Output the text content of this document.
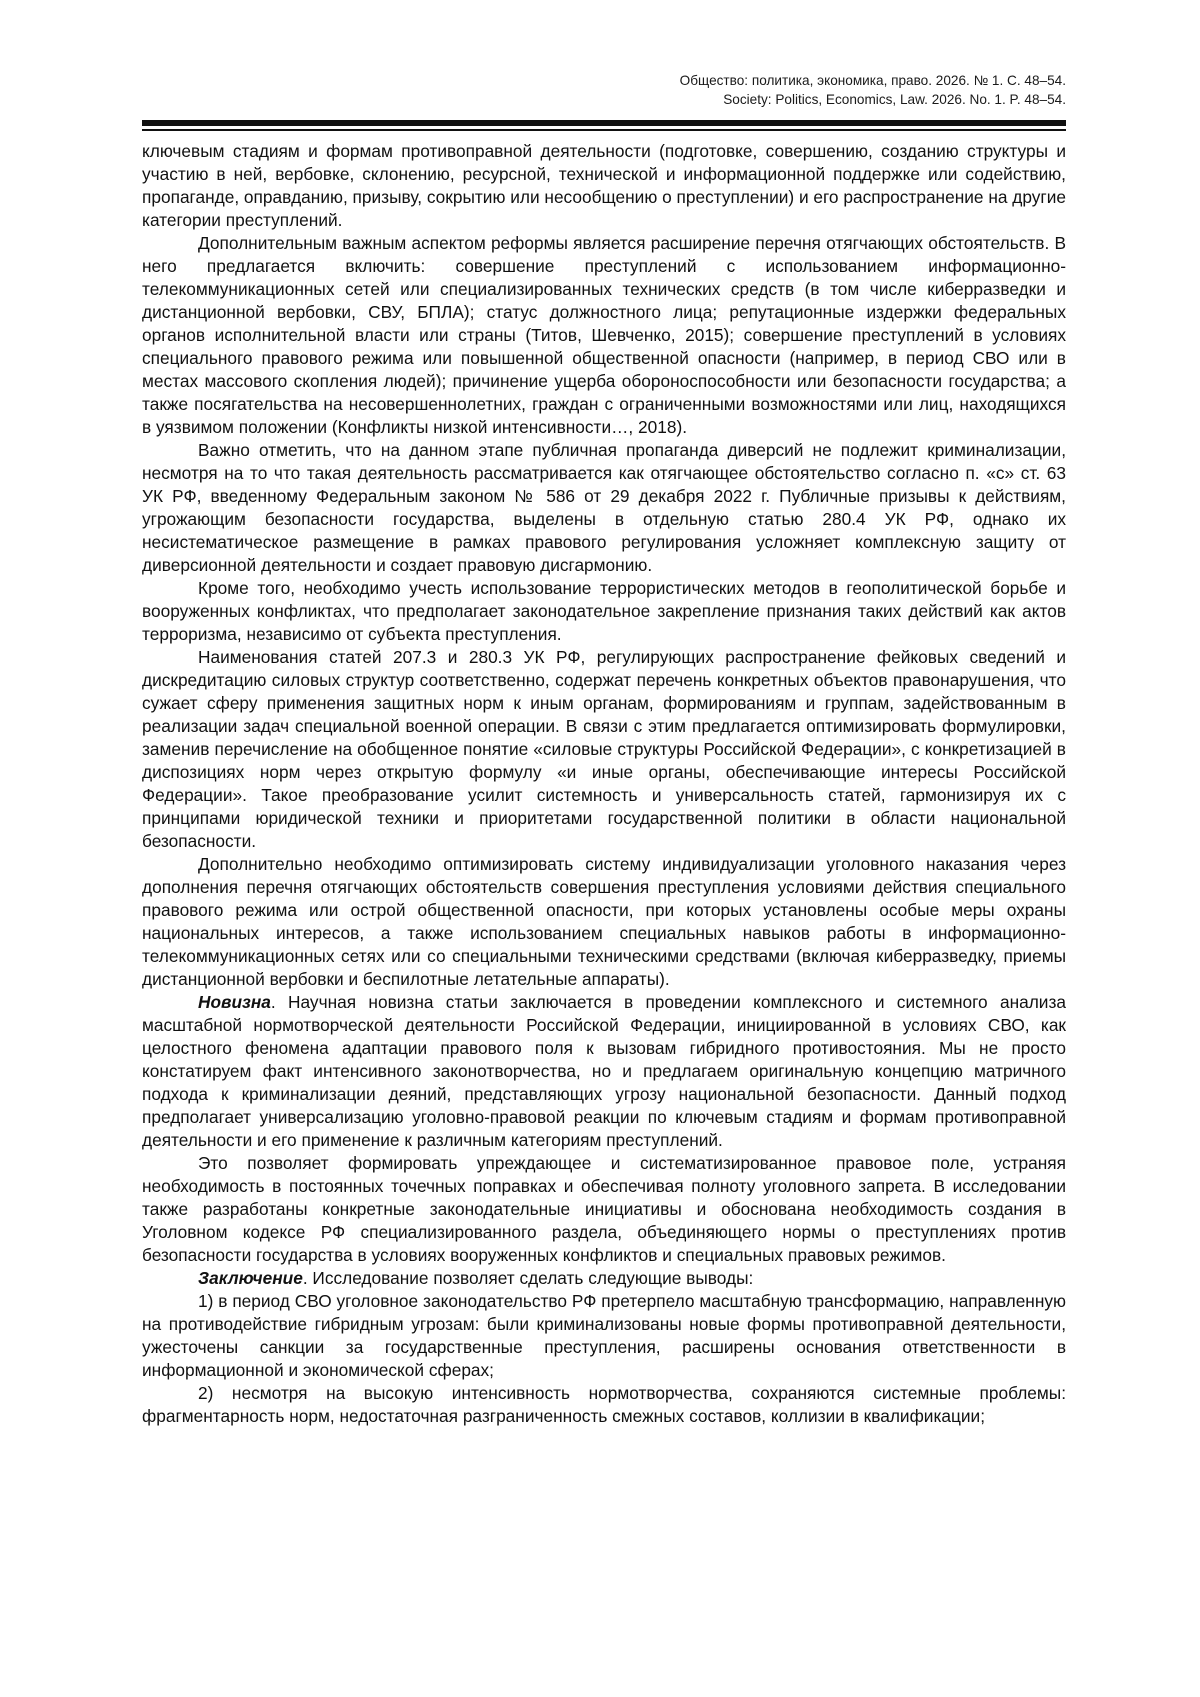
Общество: политика, экономика, право. 2026. № 1. С. 48–54.
Society: Politics, Economics, Law. 2026. No. 1. P. 48–54.

ключевым стадиям и формам противоправной деятельности (подготовке, совершению, созданию структуры и участию в ней, вербовке, склонению, ресурсной, технической и информационной поддержке или содействию, пропаганде, оправданию, призыву, сокрытию или несообщению о преступлении) и его распространение на другие категории преступлений.

Дополнительным важным аспектом реформы является расширение перечня отягчающих обстоятельств. В него предлагается включить: совершение преступлений с использованием информационно-телекоммуникационных сетей или специализированных технических средств (в том числе киберразведки и дистанционной вербовки, СВУ, БПЛА); статус должностного лица; репутационные издержки федеральных органов исполнительной власти или страны (Титов, Шевченко, 2015); совершение преступлений в условиях специального правового режима или повышенной общественной опасности (например, в период СВО или в местах массового скопления людей); причинение ущерба обороноспособности или безопасности государства; а также посягательства на несовершеннолетних, граждан с ограниченными возможностями или лиц, находящихся в уязвимом положении (Конфликты низкой интенсивности…, 2018).

Важно отметить, что на данном этапе публичная пропаганда диверсий не подлежит криминализации, несмотря на то что такая деятельность рассматривается как отягчающее обстоятельство согласно п. «с» ст. 63 УК РФ, введенному Федеральным законом № 586 от 29 декабря 2022 г. Публичные призывы к действиям, угрожающим безопасности государства, выделены в отдельную статью 280.4 УК РФ, однако их несистематическое размещение в рамках правового регулирования усложняет комплексную защиту от диверсионной деятельности и создает правовую дисгармонию.

Кроме того, необходимо учесть использование террористических методов в геополитической борьбе и вооруженных конфликтах, что предполагает законодательное закрепление признания таких действий как актов терроризма, независимо от субъекта преступления.

Наименования статей 207.3 и 280.3 УК РФ, регулирующих распространение фейковых сведений и дискредитацию силовых структур соответственно, содержат перечень конкретных объектов правонарушения, что сужает сферу применения защитных норм к иным органам, формированиям и группам, задействованным в реализации задач специальной военной операции. В связи с этим предлагается оптимизировать формулировки, заменив перечисление на обобщенное понятие «силовые структуры Российской Федерации», с конкретизацией в диспозициях норм через открытую формулу «и иные органы, обеспечивающие интересы Российской Федерации». Такое преобразование усилит системность и универсальность статей, гармонизируя их с принципами юридической техники и приоритетами государственной политики в области национальной безопасности.

Дополнительно необходимо оптимизировать систему индивидуализации уголовного наказания через дополнения перечня отягчающих обстоятельств совершения преступления условиями действия специального правового режима или острой общественной опасности, при которых установлены особые меры охраны национальных интересов, а также использованием специальных навыков работы в информационно-телекоммуникационных сетях или со специальными техническими средствами (включая киберразведку, приемы дистанционной вербовки и беспилотные летательные аппараты).

Новизна. Научная новизна статьи заключается в проведении комплексного и системного анализа масштабной нормотворческой деятельности Российской Федерации, инициированной в условиях СВО, как целостного феномена адаптации правового поля к вызовам гибридного противостояния. Мы не просто констатируем факт интенсивного законотворчества, но и предлагаем оригинальную концепцию матричного подхода к криминализации деяний, представляющих угрозу национальной безопасности. Данный подход предполагает универсализацию уголовно-правовой реакции по ключевым стадиям и формам противоправной деятельности и его применение к различным категориям преступлений.

Это позволяет формировать упреждающее и систематизированное правовое поле, устраняя необходимость в постоянных точечных поправках и обеспечивая полноту уголовного запрета. В исследовании также разработаны конкретные законодательные инициативы и обоснована необходимость создания в Уголовном кодексе РФ специализированного раздела, объединяющего нормы о преступлениях против безопасности государства в условиях вооруженных конфликтов и специальных правовых режимов.

Заключение. Исследование позволяет сделать следующие выводы:

1) в период СВО уголовное законодательство РФ претерпело масштабную трансформацию, направленную на противодействие гибридным угрозам: были криминализованы новые формы противоправной деятельности, ужесточены санкции за государственные преступления, расширены основания ответственности в информационной и экономической сферах;

2) несмотря на высокую интенсивность нормотворчества, сохраняются системные проблемы: фрагментарность норм, недостаточная разграниченность смежных составов, коллизии в квалификации;
